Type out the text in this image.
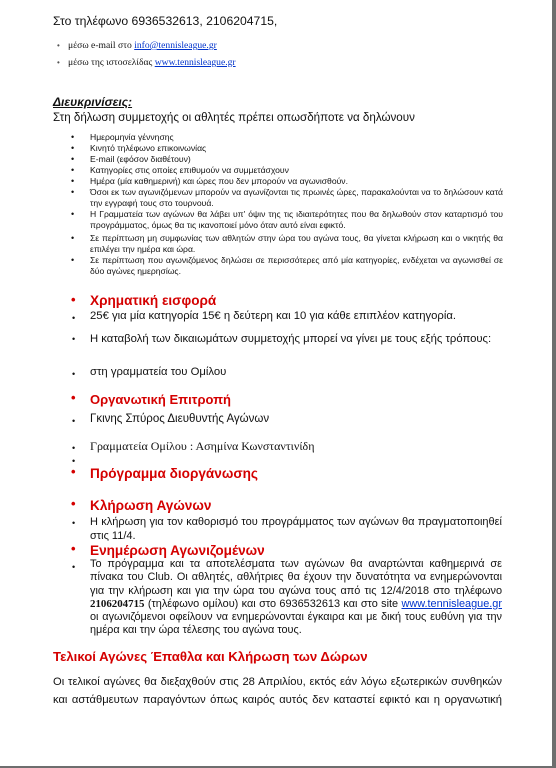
Στο τηλέφωνο 6936532613, 2106204715,
• μέσω e-mail στο info@tennisleague.gr
• μέσω της ιστοσελίδας www.tennisleague.gr
Διευκρινίσεις:
Στη δήλωση συμμετοχής οι αθλητές πρέπει οπωσδήποτε να δηλώνουν
• Ημερομηνία γέννησης
• Κινητό τηλέφωνο επικοινωνίας
• E-mail (εφόσον διαθέτουν)
• Κατηγορίες στις οποίες επιθυμούν να συμμετάσχουν
• Ημέρα (μία καθημερινή) και ώρες που δεν μπορούν να αγωνισθούν.
• Όσοι εκ των αγωνιζόμενων μπορούν να αγωνίζονται τις πρωινές ώρες, παρακαλούνται να το δηλώσουν κατά την εγγραφή τους στο τουρνουά.
• Η Γραμματεία των αγώνων θα λάβει υπ' όψιν της τις ιδιαιτερότητες που θα δηλωθούν στον καταρτισμό του προγράμματος, όμως θα τις ικανοποιεί μόνο όταν αυτό είναι εφικτό.
• Σε περίπτωση μη συμφωνίας των αθλητών στην ώρα του αγώνα τους, θα γίνεται κλήρωση και ο νικητής θα επιλέγει την ημέρα και ώρα.
• Σε περίπτωση που αγωνιζόμενος δηλώσει σε περισσότερες από μία κατηγορίες, ενδέχεται να αγωνισθεί σε δύο αγώνες ημερησίως.
• Χρηματική εισφορά
• 25€ για μία κατηγορία 15€ η δεύτερη και 10 για κάθε επιπλέον κατηγορία.
• Η καταβολή των δικαιωμάτων συμμετοχής μπορεί να γίνει με τους εξής τρόπους:
• στη γραμματεία του Ομίλου
• Οργανωτική Επιτροπή
• Γκινης Σπύρος Διευθυντής Αγώνων
• Γραμματεία Ομίλου : Ασημίνα Κωνσταντινίδη
•
• Πρόγραμμα διοργάνωσης
• Κλήρωση Αγώνων
• Η κλήρωση για τον καθορισμό του προγράμματος των αγώνων θα πραγματοποιηθεί στις 11/4.
• Ενημέρωση Αγωνιζομένων
• Το πρόγραμμα και τα αποτελέσματα των αγώνων θα αναρτώνται καθημερινά σε πίνακα του Club. Οι αθλητές, αθλήτριες θα έχουν την δυνατότητα να ενημερώνονται για την κλήρωση και για την ώρα του αγώνα τους από τις 12/4/2018 στο τηλέφωνο 2106204715 (τηλέφωνο ομίλου) και στο 6936532613 και στο site www.tennisleague.gr οι αγωνιζόμενοι οφείλουν να ενημερώνονται έγκαιρα και με δική τους ευθύνη για την ημέρα και την ώρα τέλεσης του αγώνα τους.
Τελικοί Αγώνες Έπαθλα και Κλήρωση των Δώρων
Οι τελικοί αγώνες θα διεξαχθούν στις 28 Απριλίου, εκτός εάν λόγω εξωτερικών συνθηκών και αστάθμευτων παραγόντων όπως καιρός αυτός δεν καταστεί εφικτό και η οργανωτική
